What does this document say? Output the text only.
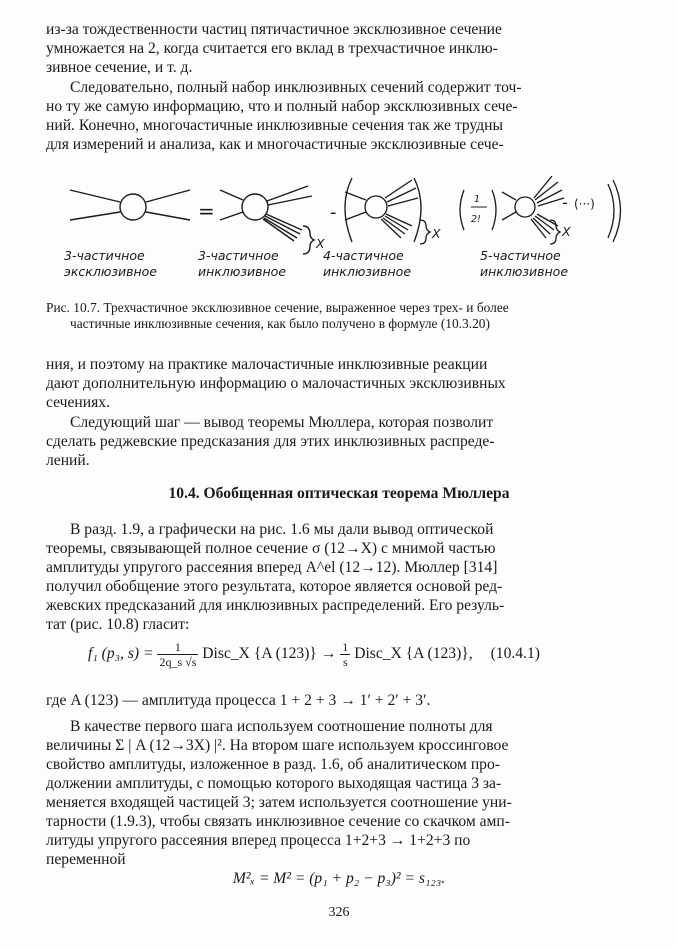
из-за тождественности частиц пятичастичное эксклюзивное сечение
умножается на 2, когда считается его вклад в трехчастичное инклю-
зивное сечение, и т. д.

Следовательно, полный набор инклюзивных сечений содержит точ-
но ту же самую информацию, что и полный набор эксклюзивных сече-
ний. Конечно, многочастичные инклюзивные сечения так же трудны
для измерений и анализа, как и многочастичные эксклюзивные сече-

=
X
-
X
1
2!
X
- (···)
3-частичное
эксклюзивное
3-частичное
инклюзивное
4-частичное
инклюзивное
5-частичное
инклюзивное

Рис. 10.7. Трехчастичное эксклюзивное сечение, выраженное через трех- и более
частичные инклюзивные сечения, как было получено в формуле (10.3.20)

ния, и поэтому на практике малочастичные инклюзивные реакции
дают дополнительную информацию о малочастичных эксклюзивных
сечениях.

Следующий шаг — вывод теоремы Мюллера, которая позволит
сделать реджевские предсказания для этих инклюзивных распреде-
лений.

10.4. Обобщенная оптическая теорема Мюллера

В разд. 1.9, а графически на рис. 1.6 мы дали вывод оптической
теоремы, связывающей полное сечение σ (12→X) с мнимой частью
амплитуды упругого рассеяния вперед A^el (12→12). Мюллер [314]
получил обобщение этого результата, которое является основой ред-
жевских предсказаний для инклюзивных распределений. Его резуль-
тат (рис. 10.8) гласит:

f₁ (p₃, $s) = \frac{1}{2q\_s √s}$ Disc_X {A $(123)\} \to \frac{1}{s}$ Disc_X {A (123)}, (10.4.1)

где A (123) — амплитуда процесса 1 + 2 + 3 → 1′ + 2′ + 3′.

В качестве первого шага используем соотношение полноты для
величины Σ | A (12→3X) |². На втором шаге используем кроссинговое
свойство амплитуды, изложенное в разд. 1.6, об аналитическом про-
должении амплитуды, с помощью которого выходящая частица 3 за-
меняется входящей частицей 3; затем используется соотношение уни-
тарности (1.9.3), чтобы связать инклюзивное сечение со скачком амп-
литуды упругого рассеяния вперед процесса 1+2+3 → 1+2+3 по
переменной

M²ₓ = M² = (p₁ + p₂ − p₃)² = s₁₂₃.

326
